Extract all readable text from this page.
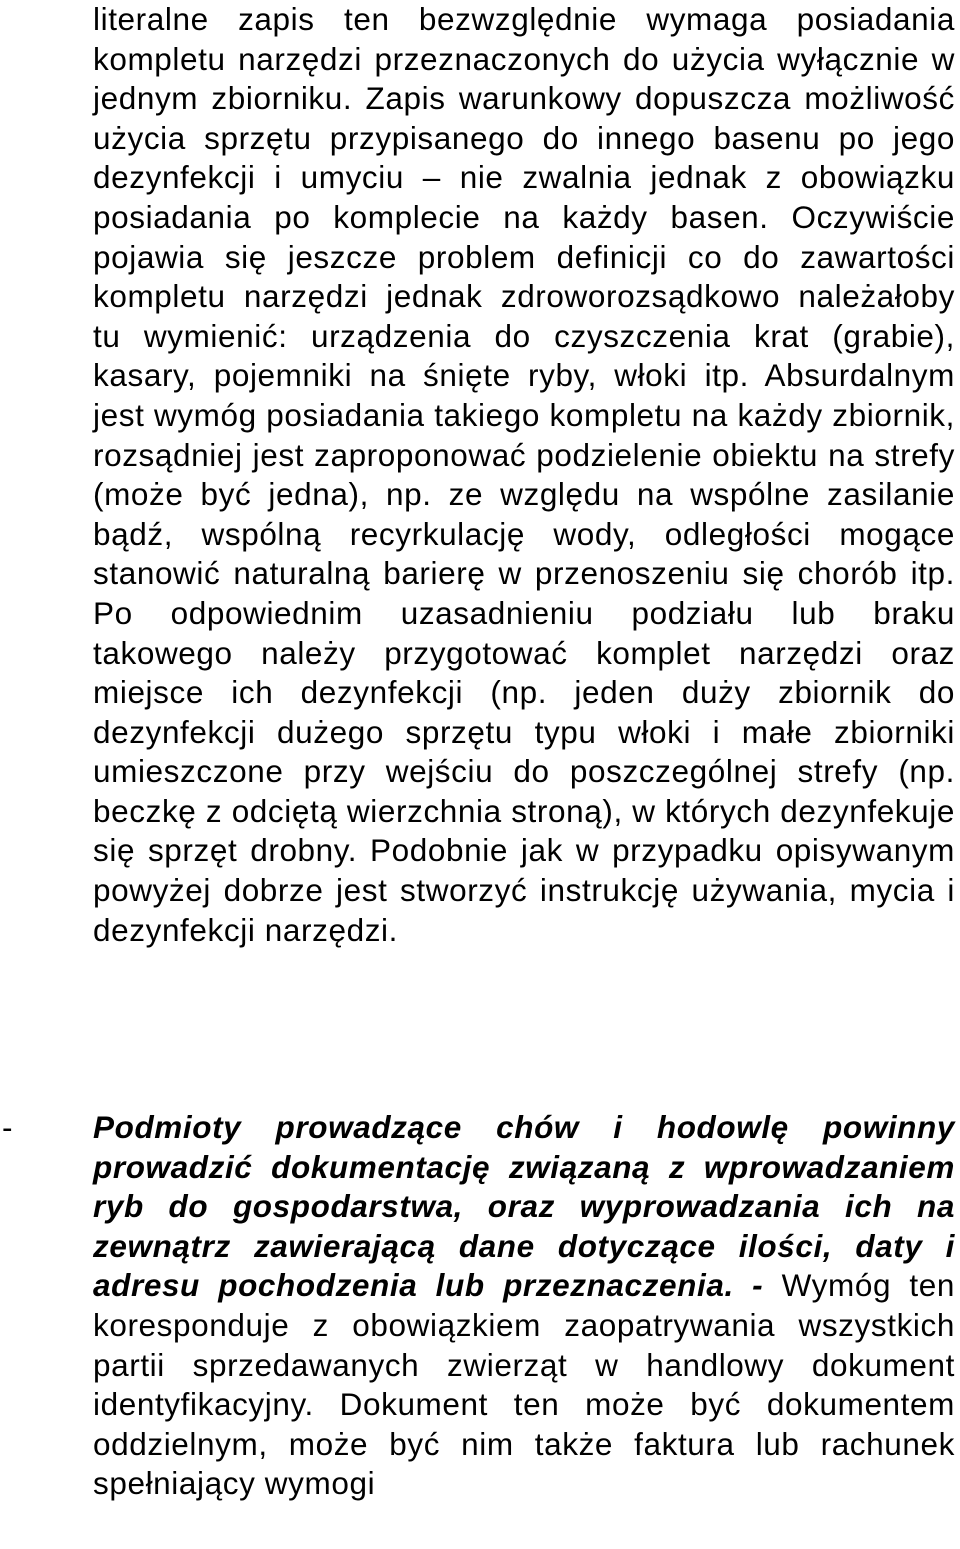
literalne zapis ten bezwzględnie wymaga posiadania kompletu narzędzi przeznaczonych do użycia wyłącznie w jednym zbiorniku. Zapis warunkowy dopuszcza możliwość użycia sprzętu przypisanego do innego basenu po jego dezynfekcji i umyciu – nie zwalnia jednak z obowiązku posiadania po komplecie na każdy basen. Oczywiście pojawia się jeszcze problem definicji co do zawartości kompletu narzędzi jednak zdroworozsądkowo należałoby tu wymienić: urządzenia do czyszczenia krat (grabie), kasary, pojemniki na śnięte ryby, włoki itp. Absurdalnym jest wymóg posiadania takiego kompletu na każdy zbiornik, rozsądniej jest zaproponować podzielenie obiektu na strefy (może być jedna), np. ze względu na wspólne zasilanie bądź, wspólną recyrkulację wody, odległości mogące stanowić naturalną barierę w przenoszeniu się chorób itp. Po odpowiednim uzasadnieniu podziału lub braku takowego należy przygotować komplet narzędzi oraz miejsce ich dezynfekcji (np. jeden duży zbiornik do dezynfekcji dużego sprzętu typu włoki i małe zbiorniki umieszczone przy wejściu do poszczególnej strefy (np. beczkę z odciętą wierzchnia stroną), w których dezynfekuje się sprzęt drobny. Podobnie jak w przypadku opisywanym powyżej dobrze jest stworzyć instrukcję używania, mycia i dezynfekcji narzędzi.

-	Podmioty prowadzące chów i hodowlę powinny prowadzić dokumentację związaną z wprowadzaniem ryb do gospodarstwa, oraz wyprowadzania ich na zewnątrz zawierającą dane dotyczące ilości, daty i adresu pochodzenia lub przeznaczenia. - Wymóg ten koresponduje z obowiązkiem zaopatrywania wszystkich partii sprzedawanych zwierząt w handlowy dokument identyfikacyjny. Dokument ten może być dokumentem oddzielnym, może być nim także faktura lub rachunek spełniający wymogi
